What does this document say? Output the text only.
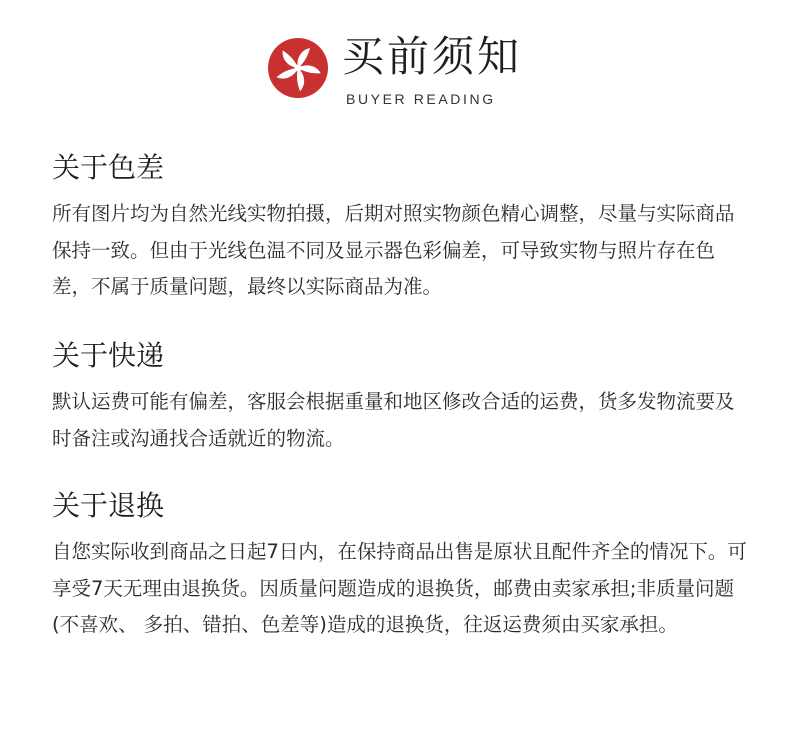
买前须知
BUYER READING
关于色差

所有图片均为自然光线实物拍摄，后期对照实物颜色精心调整，尽量与实际商品保持一致。但由于光线色温不同及显示器色彩偏差，可导致实物与照片存在色差，不属于质量问题，最终以实际商品为准。

关于快递

默认运费可能有偏差，客服会根据重量和地区修改合适的运费，货多发物流要及时备注或沟通找合适就近的物流。

关于退换

自您实际收到商品之日起7日内，在保持商品出售是原状且配件齐全的情况下。可享受7天无理由退换货。因质量问题造成的退换货，邮费由卖家承担;非质量问题(不喜欢、 多拍、错拍、色差等)造成的退换货，往返运费须由买家承担。
